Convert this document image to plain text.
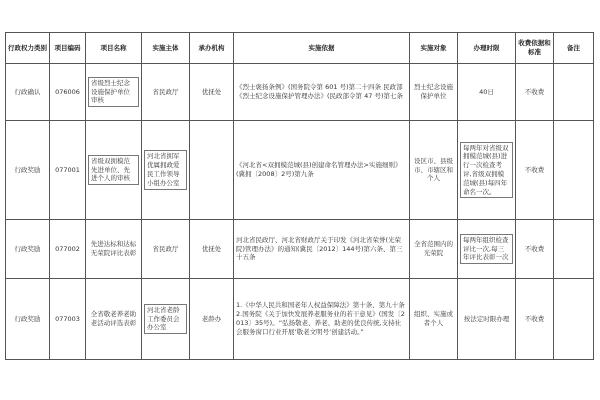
行政权力类别	项目编码	项目名称	实施主体	承办机构	实施依据	实施对象	办理时限	收费依据和标准	备注
行政确认	076006	省级烈士纪念设施保护单位审核	省民政厅	优抚处	《烈士褒扬条例》(国务院令第 601 号)第二十四条 民政部《烈士纪念设施保护管理办法》(民政部令第 47 号)第七条	烈士纪念设施保护单位	40日	不收费	
行政奖励	077001	省级双拥模范先进单位、先进个人的审核	河北省拥军优属拥政爱民工作领导小组办公室		《河北省<双拥模范城(县)创建命名管理办法>实施细则》(冀拥〔2008〕2号)第九条	设区市、县级市、市辖区和个人	每两年对省级双拥模范城(县)进行一次检查考评,省级双拥模范城(县)每四年命名一次。	不收费	
行政奖励	077002	先进达标和达标无荣院评比表彰	省民政厅	优抚处	河北省民政厅、河北省财政厅关于印发《河北省荣誉(光荣院)管理办法》的通知(冀民〔2012〕144号)第六条、第三十五条	全省范围内的光荣院	每两年组织检查评比一次,每三年评比表彰一次	不收费	
行政奖励	077003	全省敬老养老助老活动评选表彰	河北省老龄工作委员会办公室	老龄办	1.《中华人民共和国老年人权益保障法》第十条、第九十条 2.国务院《关于加快发展养老服务业的若干意见》(国发〔2013〕35号)。“弘扬敬老、养老、助老的优良传统,支持社会服务窗口行业开展‘敬老文明号’创建活动。”	组织、实施或者个人	按法定时限办理	不收费	
